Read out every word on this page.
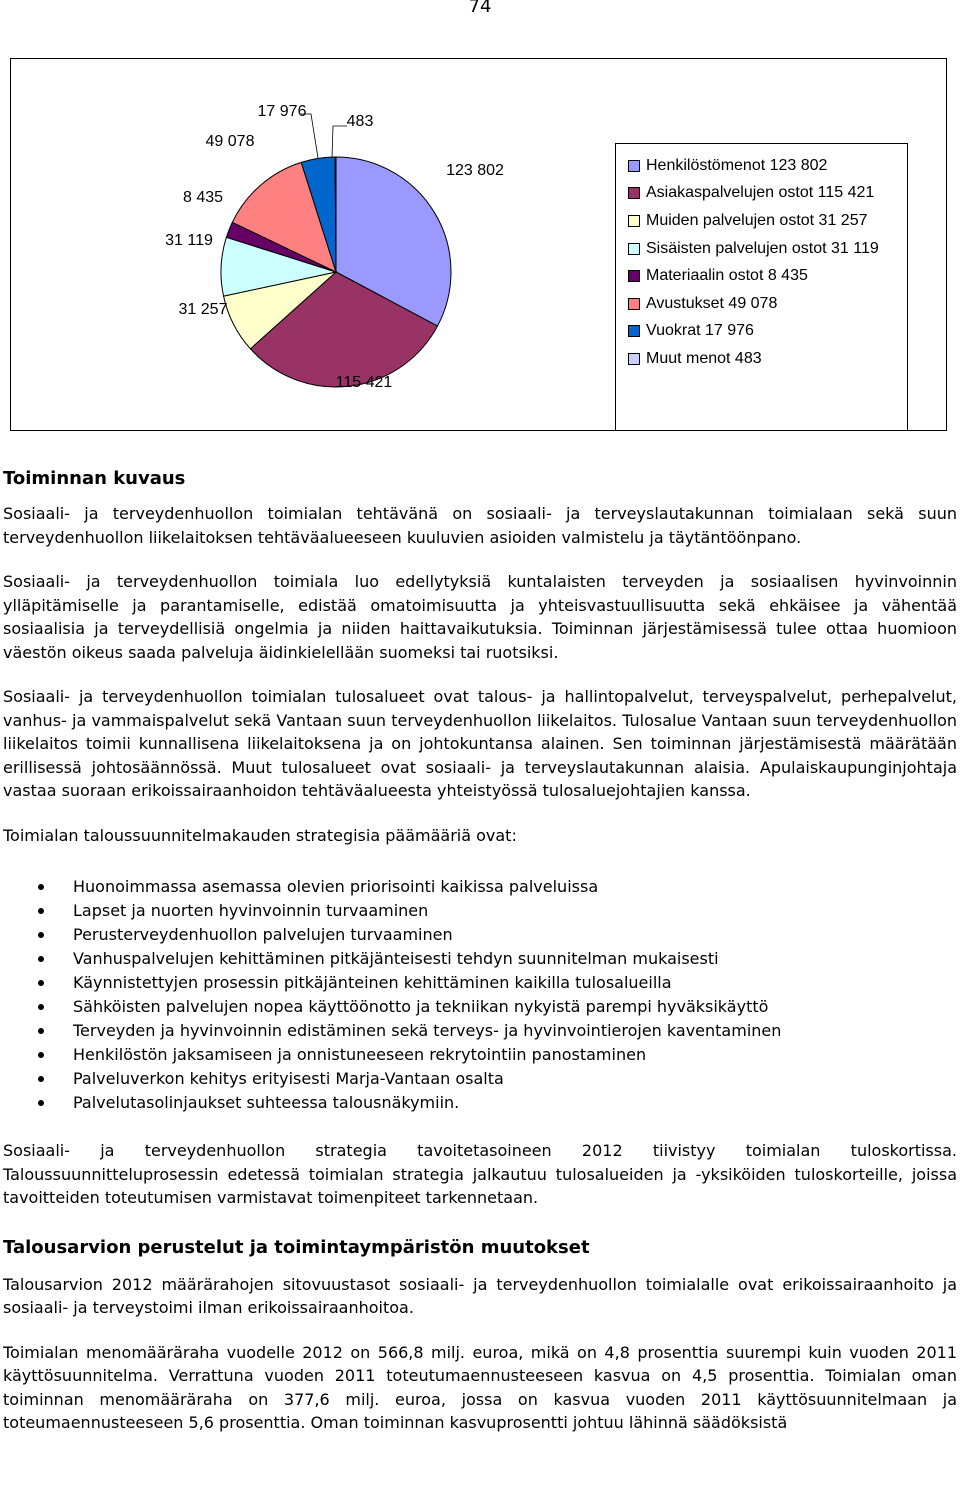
74
123 802
115 421
31 257
31 119
8 435
49 078
17 976
483
Henkilöstömenot 123 802
Asiakaspalvelujen ostot 115 421
Muiden palvelujen ostot 31 257
Sisäisten palvelujen ostot 31 119
Materiaalin ostot 8 435
Avustukset 49 078
Vuokrat 17 976
Muut menot 483
Toiminnan kuvaus

Sosiaali- ja terveydenhuollon toimialan tehtävänä on sosiaali- ja terveyslautakunnan toimialaan sekä suun terveydenhuollon liikelaitoksen tehtäväalueeseen kuuluvien asioiden valmistelu ja täytäntöönpano.

Sosiaali- ja terveydenhuollon toimiala luo edellytyksiä kuntalaisten terveyden ja sosiaalisen hyvinvoinnin ylläpitämiselle ja parantamiselle, edistää omatoimisuutta ja yhteisvastuullisuutta sekä ehkäisee ja vähentää sosiaalisia ja terveydellisiä ongelmia ja niiden haittavaikutuksia. Toiminnan järjestämisessä tulee ottaa huomioon väestön oikeus saada palveluja äidinkielellään suomeksi tai ruotsiksi.

Sosiaali- ja terveydenhuollon toimialan tulosalueet ovat talous- ja hallintopalvelut, terveyspalvelut, perhepalvelut, vanhus- ja vammaispalvelut sekä Vantaan suun terveydenhuollon liikelaitos. Tulosalue Vantaan suun terveydenhuollon liikelaitos toimii kunnallisena liikelaitoksena ja on johtokuntansa alainen. Sen toiminnan järjestämisestä määrätään erillisessä johtosäännössä. Muut tulosalueet ovat sosiaali- ja terveyslautakunnan alaisia. Apulaiskaupunginjohtaja vastaa suoraan erikoissairaanhoidon tehtäväalueesta yhteistyössä tulosaluejohtajien kanssa.

Toimialan taloussuunnitelmakauden strategisia päämääriä ovat:

Huonoimmassa asemassa olevien priorisointi kaikissa palveluissa
Lapset ja nuorten hyvinvoinnin turvaaminen
Perusterveydenhuollon palvelujen turvaaminen
Vanhuspalvelujen kehittäminen pitkäjänteisesti tehdyn suunnitelman mukaisesti
Käynnistettyjen prosessin pitkäjänteinen kehittäminen kaikilla tulosalueilla
Sähköisten palvelujen nopea käyttöönotto ja tekniikan nykyistä parempi hyväksikäyttö
Terveyden ja hyvinvoinnin edistäminen sekä terveys- ja hyvinvointierojen kaventaminen
Henkilöstön jaksamiseen ja onnistuneeseen rekrytointiin panostaminen
Palveluverkon kehitys erityisesti Marja-Vantaan osalta
Palvelutasolinjaukset suhteessa talousnäkymiin.

Sosiaali- ja terveydenhuollon strategia tavoitetasoineen 2012 tiivistyy toimialan tuloskortissa. Taloussuunnitteluprosessin edetessä toimialan strategia jalkautuu tulosalueiden ja -yksiköiden tuloskorteille, joissa tavoitteiden toteutumisen varmistavat toimenpiteet tarkennetaan.

Talousarvion perustelut ja toimintaympäristön muutokset

Talousarvion 2012 määrärahojen sitovuustasot sosiaali- ja terveydenhuollon toimialalle ovat erikoissairaanhoito ja sosiaali- ja terveystoimi ilman erikoissairaanhoitoa.

Toimialan menomääräraha vuodelle 2012 on 566,8 milj. euroa, mikä on 4,8 prosenttia suurempi kuin vuoden 2011 käyttösuunnitelma. Verrattuna vuoden 2011 toteutumaennusteeseen kasvua on 4,5 prosenttia. Toimialan oman toiminnan menomääräraha on 377,6 milj. euroa, jossa on kasvua vuoden 2011 käyttösuunnitelmaan ja toteumaennusteeseen 5,6 prosenttia. Oman toiminnan kasvuprosentti johtuu lähinnä säädöksistä
